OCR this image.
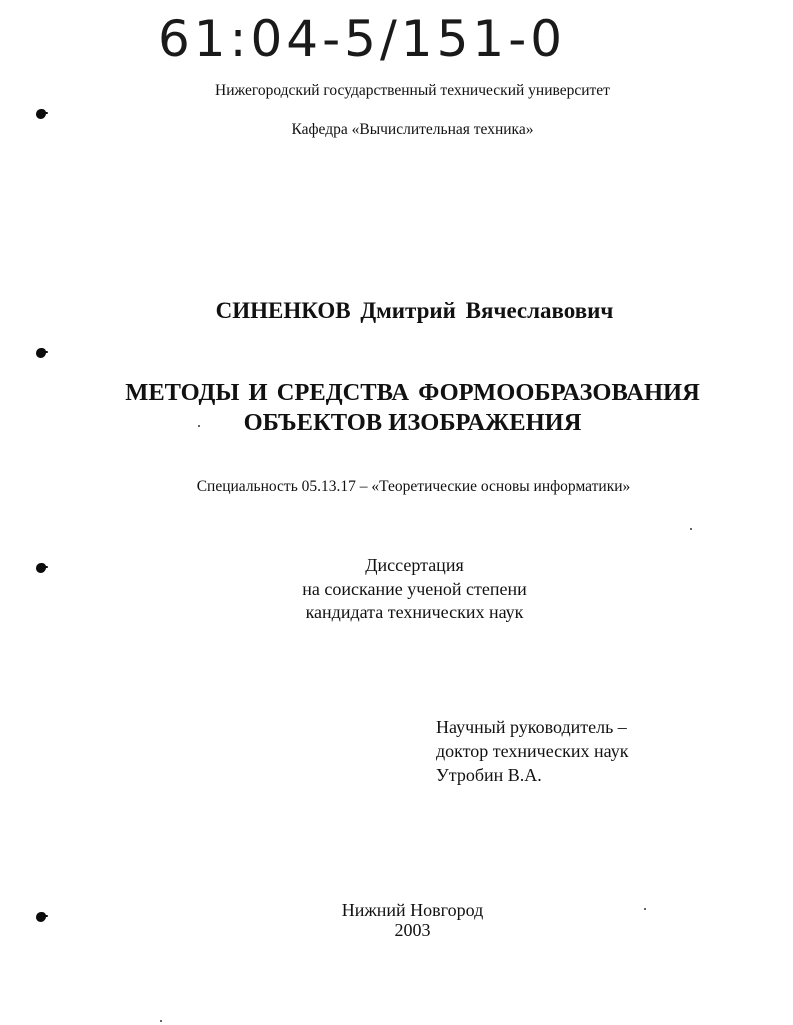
61:04-5/151-0
Нижегородский государственный технический университет
Кафедра «Вычислительная техника»
СИНЕНКОВ Дмитрий Вячеславович
МЕТОДЫ И СРЕДСТВА ФОРМООБРАЗОВАНИЯ
ОБЪЕКТОВ ИЗОБРАЖЕНИЯ
Специальность 05.13.17 – «Теоретические основы информатики»
Диссертация
на соискание ученой степени
кандидата технических наук
Научный руководитель –
доктор технических наук
Утробин В.А.
Нижний Новгород
2003
